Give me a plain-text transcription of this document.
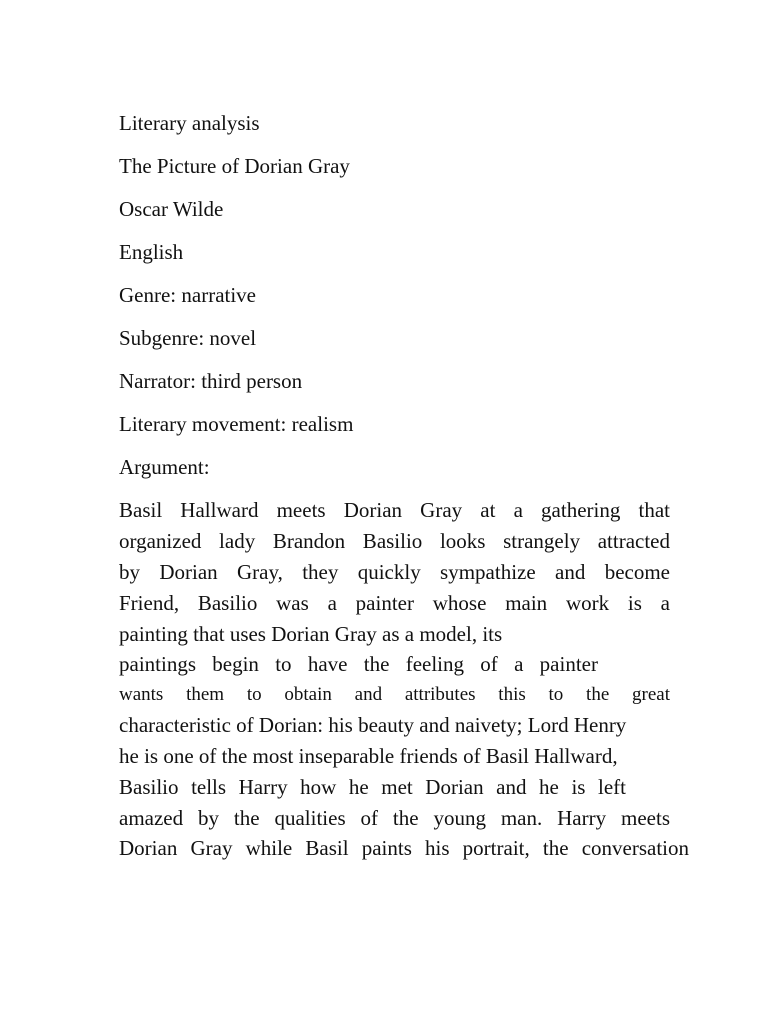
Literary analysis

The Picture of Dorian Gray

Oscar Wilde

English

Genre: narrative

Subgenre: novel

Narrator: third person

Literary movement: realism

Argument:

Basil Hallward meets Dorian Gray at a gathering that

organized lady Brandon Basilio looks strangely attracted

by Dorian Gray, they quickly sympathize and become

Friend, Basilio was a painter whose main work is a

painting that uses Dorian Gray as a model, its

paintings begin to have the feeling of a painter

wants them to obtain and attributes this to the great

characteristic of Dorian: his beauty and naivety; Lord Henry

he is one of the most inseparable friends of Basil Hallward,

Basilio tells Harry how he met Dorian and he is left

amazed by the qualities of the young man. Harry meets

Dorian Gray while Basil paints his portrait, the conversation
